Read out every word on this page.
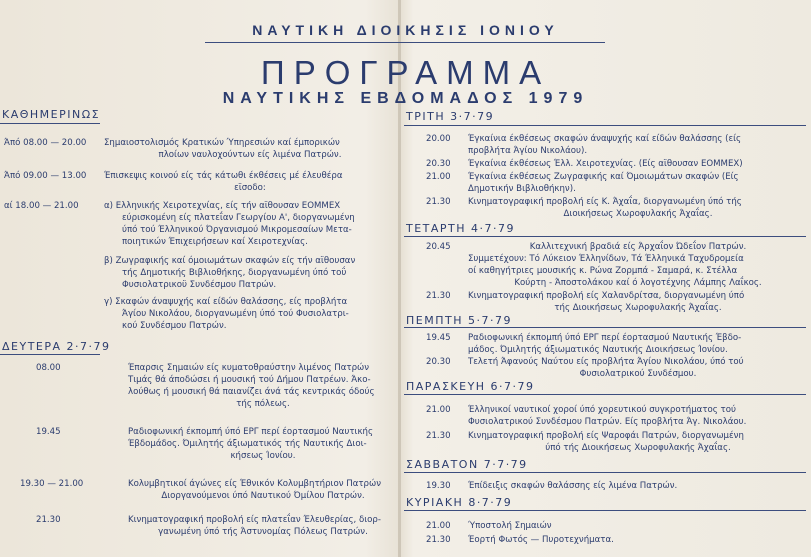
ΝΑΥΤΙΚΗ ΔΙΟΙΚΗΣΙΣ ΙΟΝΙΟΥ
ΠΡΟΓΡΑΜΜΑ
ΝΑΥΤΙΚΗΣ ΕΒΔΟΜΑΔΟΣ 1979
ΚΑΘΗΜΕΡΙΝΩΣ
Άπό 08.00 — 20.00 Σημαιοστολισμός Κρατικών Ύπηρεσιών καί έμπορικών
πλοίων ναυλοχούντων είς λιμένα Πατρών.
Άπό 09.00 — 13.00 Έπισκεψις κοινού είς τάς κάτωθι έκθέσεις μέ έλευθέρα
εϊσοδο:
αί 18.00 — 21.00	α) Ελληνικής Χειροτεχνίας, είς τήν αϊθουσαν ΕΟΜΜΕΧ
εύρισκομένη είς πλατεΐαν Γεωργίου Α', διοργανωμένη
ύπό τού Έλληνικού Όργανισμού Μικρομεσαίων Μετα-
ποιητικών Έπιχειρήσεων καί Χειροτεχνίας.
β) Ζωγραφικής καί όμοιωμάτων σκαφών είς τήν αϊθουσαν
τής Δημοτικής Βιβλιοθήκης, διοργανωμένη ύπό τοΰ
Φυσιολατρικοϋ Συνδέσμου Πατρών.
γ) Σκαφών άναψυχής καί είδών θαλάσσης, είς προβλήτα
Άγίου Νικολάου, διοργανωμένη ύπό τού Φυσιολατρι-
κού Συνδέσμου Πατρών.
ΔΕΥΤΕΡΑ 2·7·79
08.00	Έπαρσις Σημαιών είς κυματοθραύστην λιμένος Πατρών
Τιμάς θά άποδώσει ή μουσική τού Δήμου Πατρέων. Άκο-
λούθως ή μουσική θά παιανίζει άνά τάς κεντρικάς όδούς
τής πόλεως.
19.45	Ραδιοφωνική έκπομπή ύπό ΕΡΓ περί έορτασμού Ναυτικής
Έβδομάδος. Όμιλητής άξιωματικός τής Ναυτικής Διοι-
κήσεως Ίονίου.
19.30 — 21.00	Κολυμβητικοί άγώνες είς Έθνικόν Κολυμβητήριον Πατρών
Διοργανούμενοι ύπό Ναυτικού Όμίλου Πατρών.
21.30	Κινηματογραφική προβολή είς πλατεΐαν Έλευθερίας, διορ-
γανωμένη ύπό τής Άστυνομίας Πόλεως Πατρών.
ΤΡΙΤΗ 3·7·79
20.00 Έγκαίνια έκθέσεως σκαφών άναψυχής καί είδών θαλάσσης (είς
προβλήτα Άγίου Νικολάου).
20.30 Έγκαίνια έκθέσεως Έλλ. Χειροτεχνίας. (Είς αϊθουσαν ΕΟΜΜΕΧ)
21.00 Έγκαίνια έκθέσεως Ζωγραφικής καί Όμοιωμάτων σκαφών (Είς
Δημοτικήν Βιβλιοθήκην).
21.30 Κινηματογραφική προβολή είς Κ. Άχαΐα, διοργανωμένη ύπό τής
Διοικήσεως Χωροφυλακής Άχαΐας.
ΤΕΤΑΡΤΗ 4·7·79
20.45	Καλλιτεχνική βραδιά είς Άρχαΐον Ώδεΐον Πατρών.
Συμμετέχουν: Τό Λύκειον Έλληνίδων, Τά Έλληνικά Ταχυδρομεία
οί καθηγήτριες μουσικής κ. Ρώνα Ζορμπά - Σαμαρά, κ. Στέλλα
Κούρτη - Άποστολάκου καί ό λογοτέχνης Λάμπης Λαΐκος.
21.30 Κινηματογραφική προβολή είς Χαλανδρίτσα, διοργανωμένη ύπό
τής Διοικήσεως Χωροφυλακής Άχαΐας.
ΠΕΜΠΤΗ 5·7·79
19.45 Ραδιοφωνική έκπομπή ύπό ΕΡΓ περί έορτασμού Ναυτικής Έβδο-
μάδος. Όμιλητής άξιωματικός Ναυτικής Διοικήσεως Ίονίου.
20.30 Τελετή Άφανούς Ναύτου είς προβλήτα Άγίου Νικολάου, ύπό τού
Φυσιολατρικού Συνδέσμου.
ΠΑΡΑΣΚΕΥΗ 6·7·79
21.00 Έλληνικοί ναυτικοί χοροί ύπό χορευτικού συγκροτήματος τού
Φυσιολατρικού Συνδέσμου Πατρών. Είς προβλήτα Άγ. Νικολάου.
21.30 Κινηματογραφική προβολή είς Ψαροφάι Πατρών, διοργανωμένη
ύπό τής Διοικήσεως Χωροφυλακής Άχαΐας.
ΣΑΒΒΑΤΟΝ 7·7·79
19.30 Έπίδειξις σκαφών θαλάσσης είς λιμένα Πατρών.
ΚΥΡΙΑΚΗ 8·7·79
21.00 Ύποστολή Σημαιών
21.30 Έορτή Φωτός — Πυροτεχνήματα.
